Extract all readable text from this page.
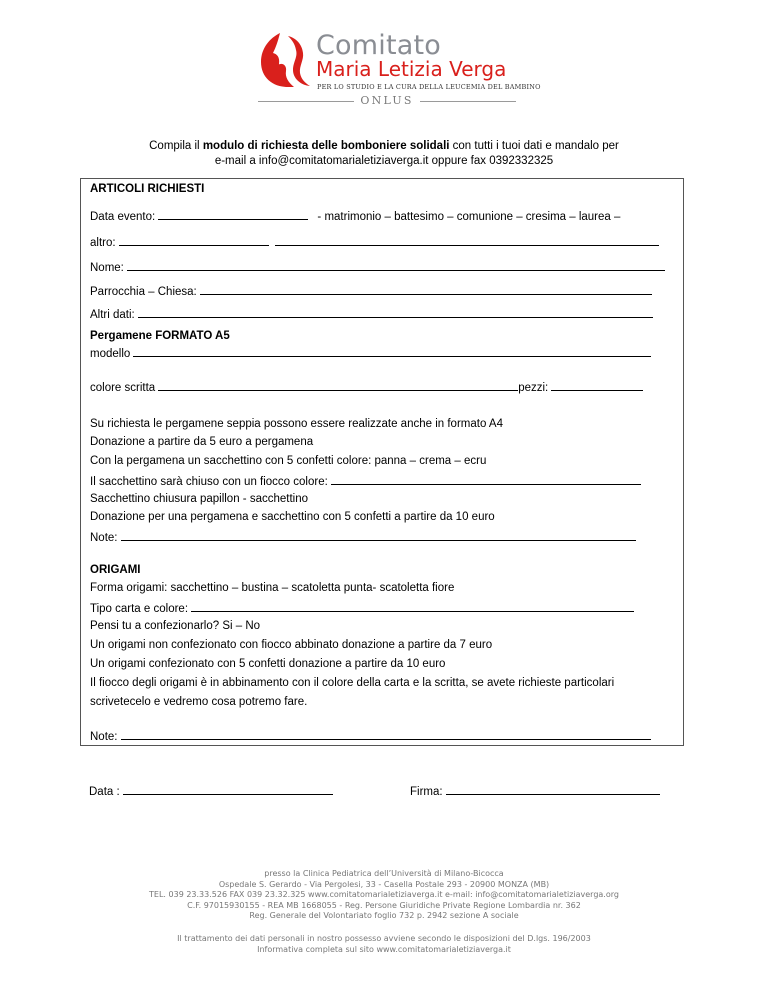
Comitato
Maria Letizia Verga
PER LO STUDIO E LA CURA DELLA LEUCEMIA DEL BAMBINO
ONLUS
Compila il modulo di richiesta delle bomboniere solidali con tutti i tuoi dati e mandalo per
e-mail a info@comitatomarialetiziaverga.it oppure fax 0392332325
ARTICOLI RICHIESTI
Data evento:	- matrimonio – battesimo – comunione – cresima – laurea –
altro:
Nome:
Parrocchia – Chiesa:
Altri dati:
Pergamene FORMATO A5
modello
colore scritta	pezzi:
Su richiesta le pergamene seppia possono essere realizzate anche in formato A4
Donazione a partire da 5 euro a pergamena
Con la pergamena un sacchettino con 5 confetti colore: panna – crema – ecru
Il sacchettino sarà chiuso con un fiocco colore:
Sacchettino chiusura papillon - sacchettino
Donazione per una pergamena e sacchettino con 5 confetti a partire da 10 euro
Note:
ORIGAMI
Forma origami: sacchettino – bustina – scatoletta punta- scatoletta fiore
Tipo carta e colore:
Pensi tu a confezionarlo? Si – No
Un origami non confezionato con fiocco abbinato donazione a partire da 7 euro
Un origami confezionato con 5 confetti donazione a partire da 10 euro
Il fiocco degli origami è in abbinamento con il colore della carta e la scritta, se avete richieste particolari
scrivetecelo e vedremo cosa potremo fare.
Note:
Data :	Firma:
presso la Clinica Pediatrica dell’Università di Milano-Bicocca
Ospedale S. Gerardo - Via Pergolesi, 33 - Casella Postale 293 - 20900 MONZA (MB)
TEL. 039 23.33.526 FAX 039 23.32.325 www.comitatomarialetiziaverga.it e-mail: info@comitatomarialetiziaverga.org
C.F. 97015930155 - REA MB 1668055 - Reg. Persone Giuridiche Private Regione Lombardia nr. 362
Reg. Generale del Volontariato foglio 732 p. 2942 sezione A sociale
Il trattamento dei dati personali in nostro possesso avviene secondo le disposizioni del D.lgs. 196/2003
Informativa completa sul sito www.comitatomarialetiziaverga.it
